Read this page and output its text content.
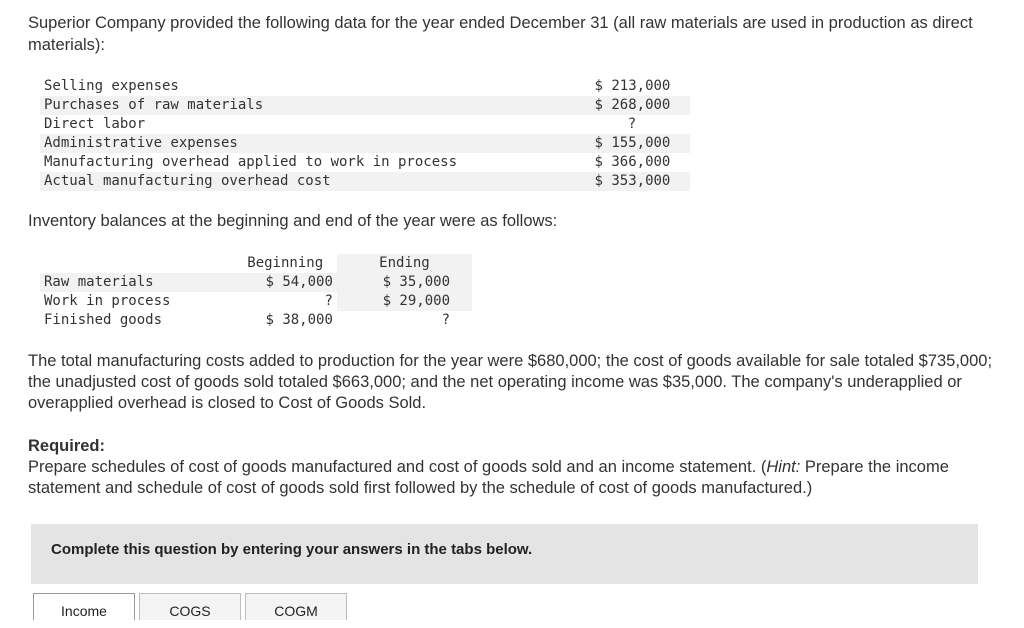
Superior Company provided the following data for the year ended December 31 (all raw materials are used in production as direct materials):

Selling expenses	$ 213,000
Purchases of raw materials	$ 268,000
Direct labor	?
Administrative expenses	$ 155,000
Manufacturing overhead applied to work in process	$ 366,000
Actual manufacturing overhead cost	$ 353,000

Inventory balances at the beginning and end of the year were as follows:

	Beginning	Ending
Raw materials	$ 54,000	$ 35,000
Work in process	?	$ 29,000
Finished goods	$ 38,000	?

The total manufacturing costs added to production for the year were $680,000; the cost of goods available for sale totaled $735,000; the unadjusted cost of goods sold totaled $663,000; and the net operating income was $35,000. The company's underapplied or overapplied overhead is closed to Cost of Goods Sold.

Required:
Prepare schedules of cost of goods manufactured and cost of goods sold and an income statement. (Hint: Prepare the income statement and schedule of cost of goods sold first followed by the schedule of cost of goods manufactured.)
Complete this question by entering your answers in the tabs below.
Income	COGS	COGM
